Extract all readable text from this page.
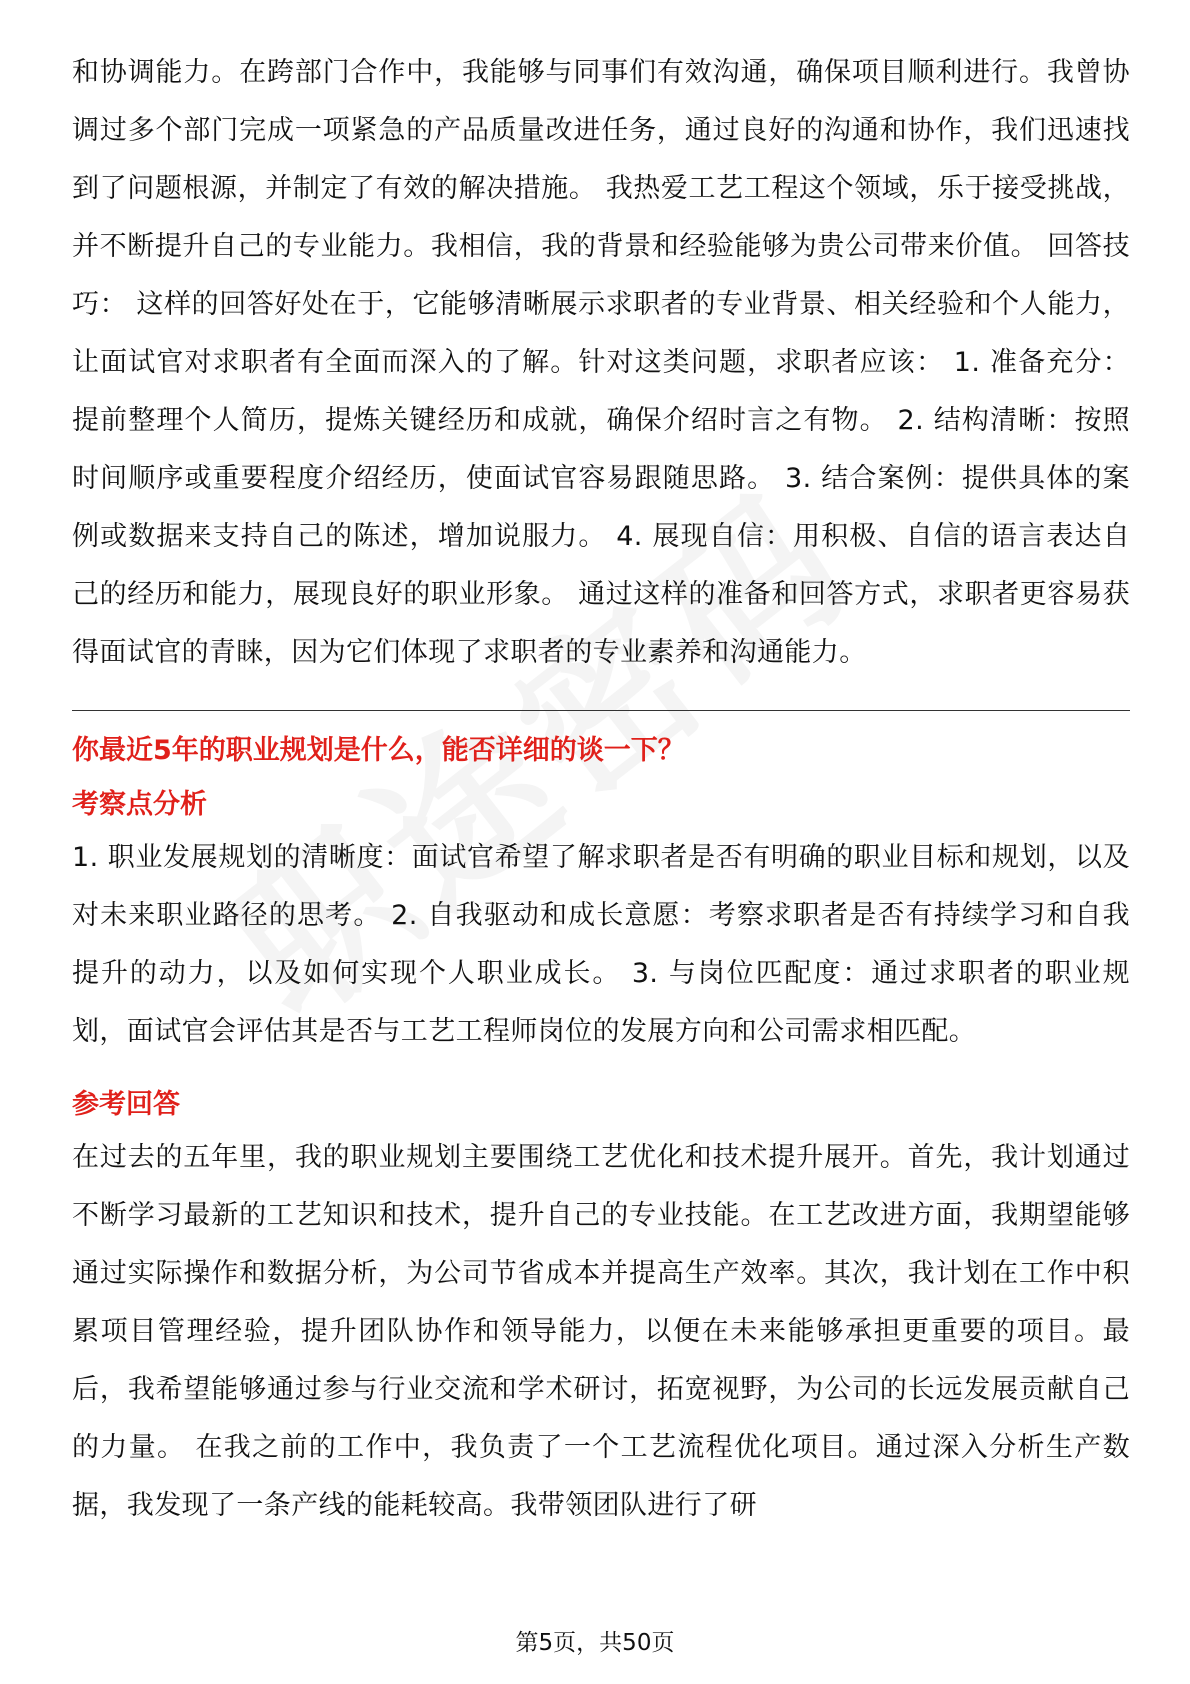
和协调能力。在跨部门合作中，我能够与同事们有效沟通，确保项目顺利进行。我曾协调过多个部门完成一项紧急的产品质量改进任务，通过良好的沟通和协作，我们迅速找到了问题根源，并制定了有效的解决措施。 我热爱工艺工程这个领域，乐于接受挑战，并不断提升自己的专业能力。我相信，我的背景和经验能够为贵公司带来价值。 回答技巧： 这样的回答好处在于，它能够清晰展示求职者的专业背景、相关经验和个人能力，让面试官对求职者有全面而深入的了解。针对这类问题，求职者应该： 1. 准备充分：提前整理个人简历，提炼关键经历和成就，确保介绍时言之有物。 2. 结构清晰：按照时间顺序或重要程度介绍经历，使面试官容易跟随思路。 3. 结合案例：提供具体的案例或数据来支持自己的陈述，增加说服力。 4. 展现自信：用积极、自信的语言表达自己的经历和能力，展现良好的职业形象。 通过这样的准备和回答方式，求职者更容易获得面试官的青睐，因为它们体现了求职者的专业素养和沟通能力。

你最近5年的职业规划是什么，能否详细的谈一下？

考察点分析

1. 职业发展规划的清晰度：面试官希望了解求职者是否有明确的职业目标和规划，以及对未来职业路径的思考。 2. 自我驱动和成长意愿：考察求职者是否有持续学习和自我提升的动力，以及如何实现个人职业成长。 3. 与岗位匹配度：通过求职者的职业规划，面试官会评估其是否与工艺工程师岗位的发展方向和公司需求相匹配。

参考回答

在过去的五年里，我的职业规划主要围绕工艺优化和技术提升展开。首先，我计划通过不断学习最新的工艺知识和技术，提升自己的专业技能。在工艺改进方面，我期望能够通过实际操作和数据分析，为公司节省成本并提高生产效率。其次，我计划在工作中积累项目管理经验，提升团队协作和领导能力，以便在未来能够承担更重要的项目。最后，我希望能够通过参与行业交流和学术研讨，拓宽视野，为公司的长远发展贡献自己的力量。 在我之前的工作中，我负责了一个工艺流程优化项目。通过深入分析生产数据，我发现了一条产线的能耗较高。我带领团队进行了研

第5页，共50页
